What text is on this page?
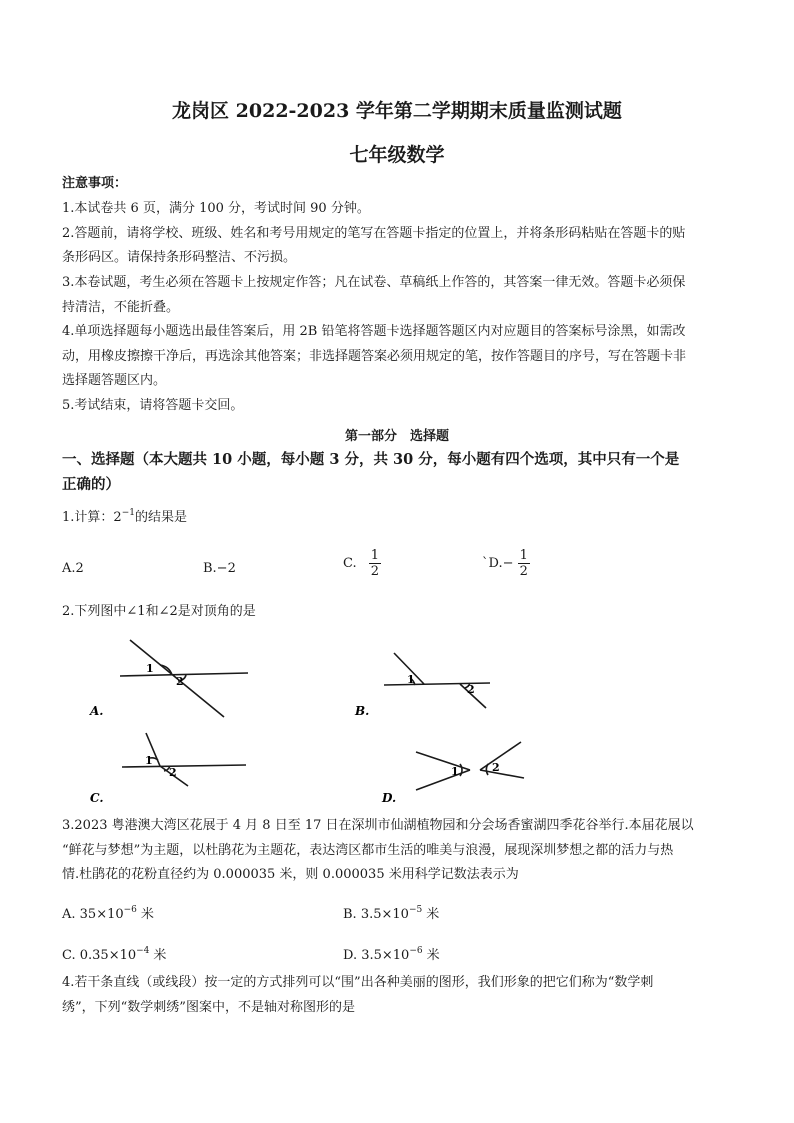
龙岗区 2022-2023 学年第二学期期末质量监测试题
七年级数学
注意事项：
1.本试卷共 6 页，满分 100 分，考试时间 90 分钟。
2.答题前，请将学校、班级、姓名和考号用规定的笔写在答题卡指定的位置上，并将条形码粘贴在答题卡的贴
条形码区。请保持条形码整洁、不污损。
3.本卷试题，考生必须在答题卡上按规定作答；凡在试卷、草稿纸上作答的，其答案一律无效。答题卡必须保
持清洁，不能折叠。
4.单项选择题每小题选出最佳答案后，用 2B 铅笔将答题卡选择题答题区内对应题目的答案标号涂黑，如需改
动，用橡皮擦擦干净后，再选涂其他答案；非选择题答案必须用规定的笔，按作答题目的序号，写在答题卡非
选择题答题区内。
5.考试结束，请将答题卡交回。
第一部分　选择题
一、选择题（本大题共 10 小题，每小题 3 分，共 30 分，每小题有四个选项，其中只有一个是
正确的）
1.计算：$2^{-1}$的结果是
A.2	B.−2	C. $\frac{1}{2}$	`D.− $\frac{1}{2}$
2.下列图中∠1和∠2是对顶角的是
1
2
A.
1
2
B.
1
2
C.
1	2
D.
3.2023 粤港澳大湾区花展于 4 月 8 日至 17 日在深圳市仙湖植物园和分会场香蜜湖四季花谷举行.本届花展以
“鲜花与梦想”为主题，以杜鹃花为主题花，表达湾区都市生活的唯美与浪漫，展现深圳梦想之都的活力与热
情.杜鹃花的花粉直径约为 0.000035 米，则 0.000035 米用科学记数法表示为
A. $35\times 10^{-6}$ 米	B. $3.5\times 10^{-5}$ 米
C. $0.35\times 10^{-4}$ 米	D. $3.5\times 10^{-6}$ 米
4.若干条直线（或线段）按一定的方式排列可以“围”出各种美丽的图形，我们形象的把它们称为“数学刺
绣”，下列“数学刺绣”图案中，不是轴对称图形的是
